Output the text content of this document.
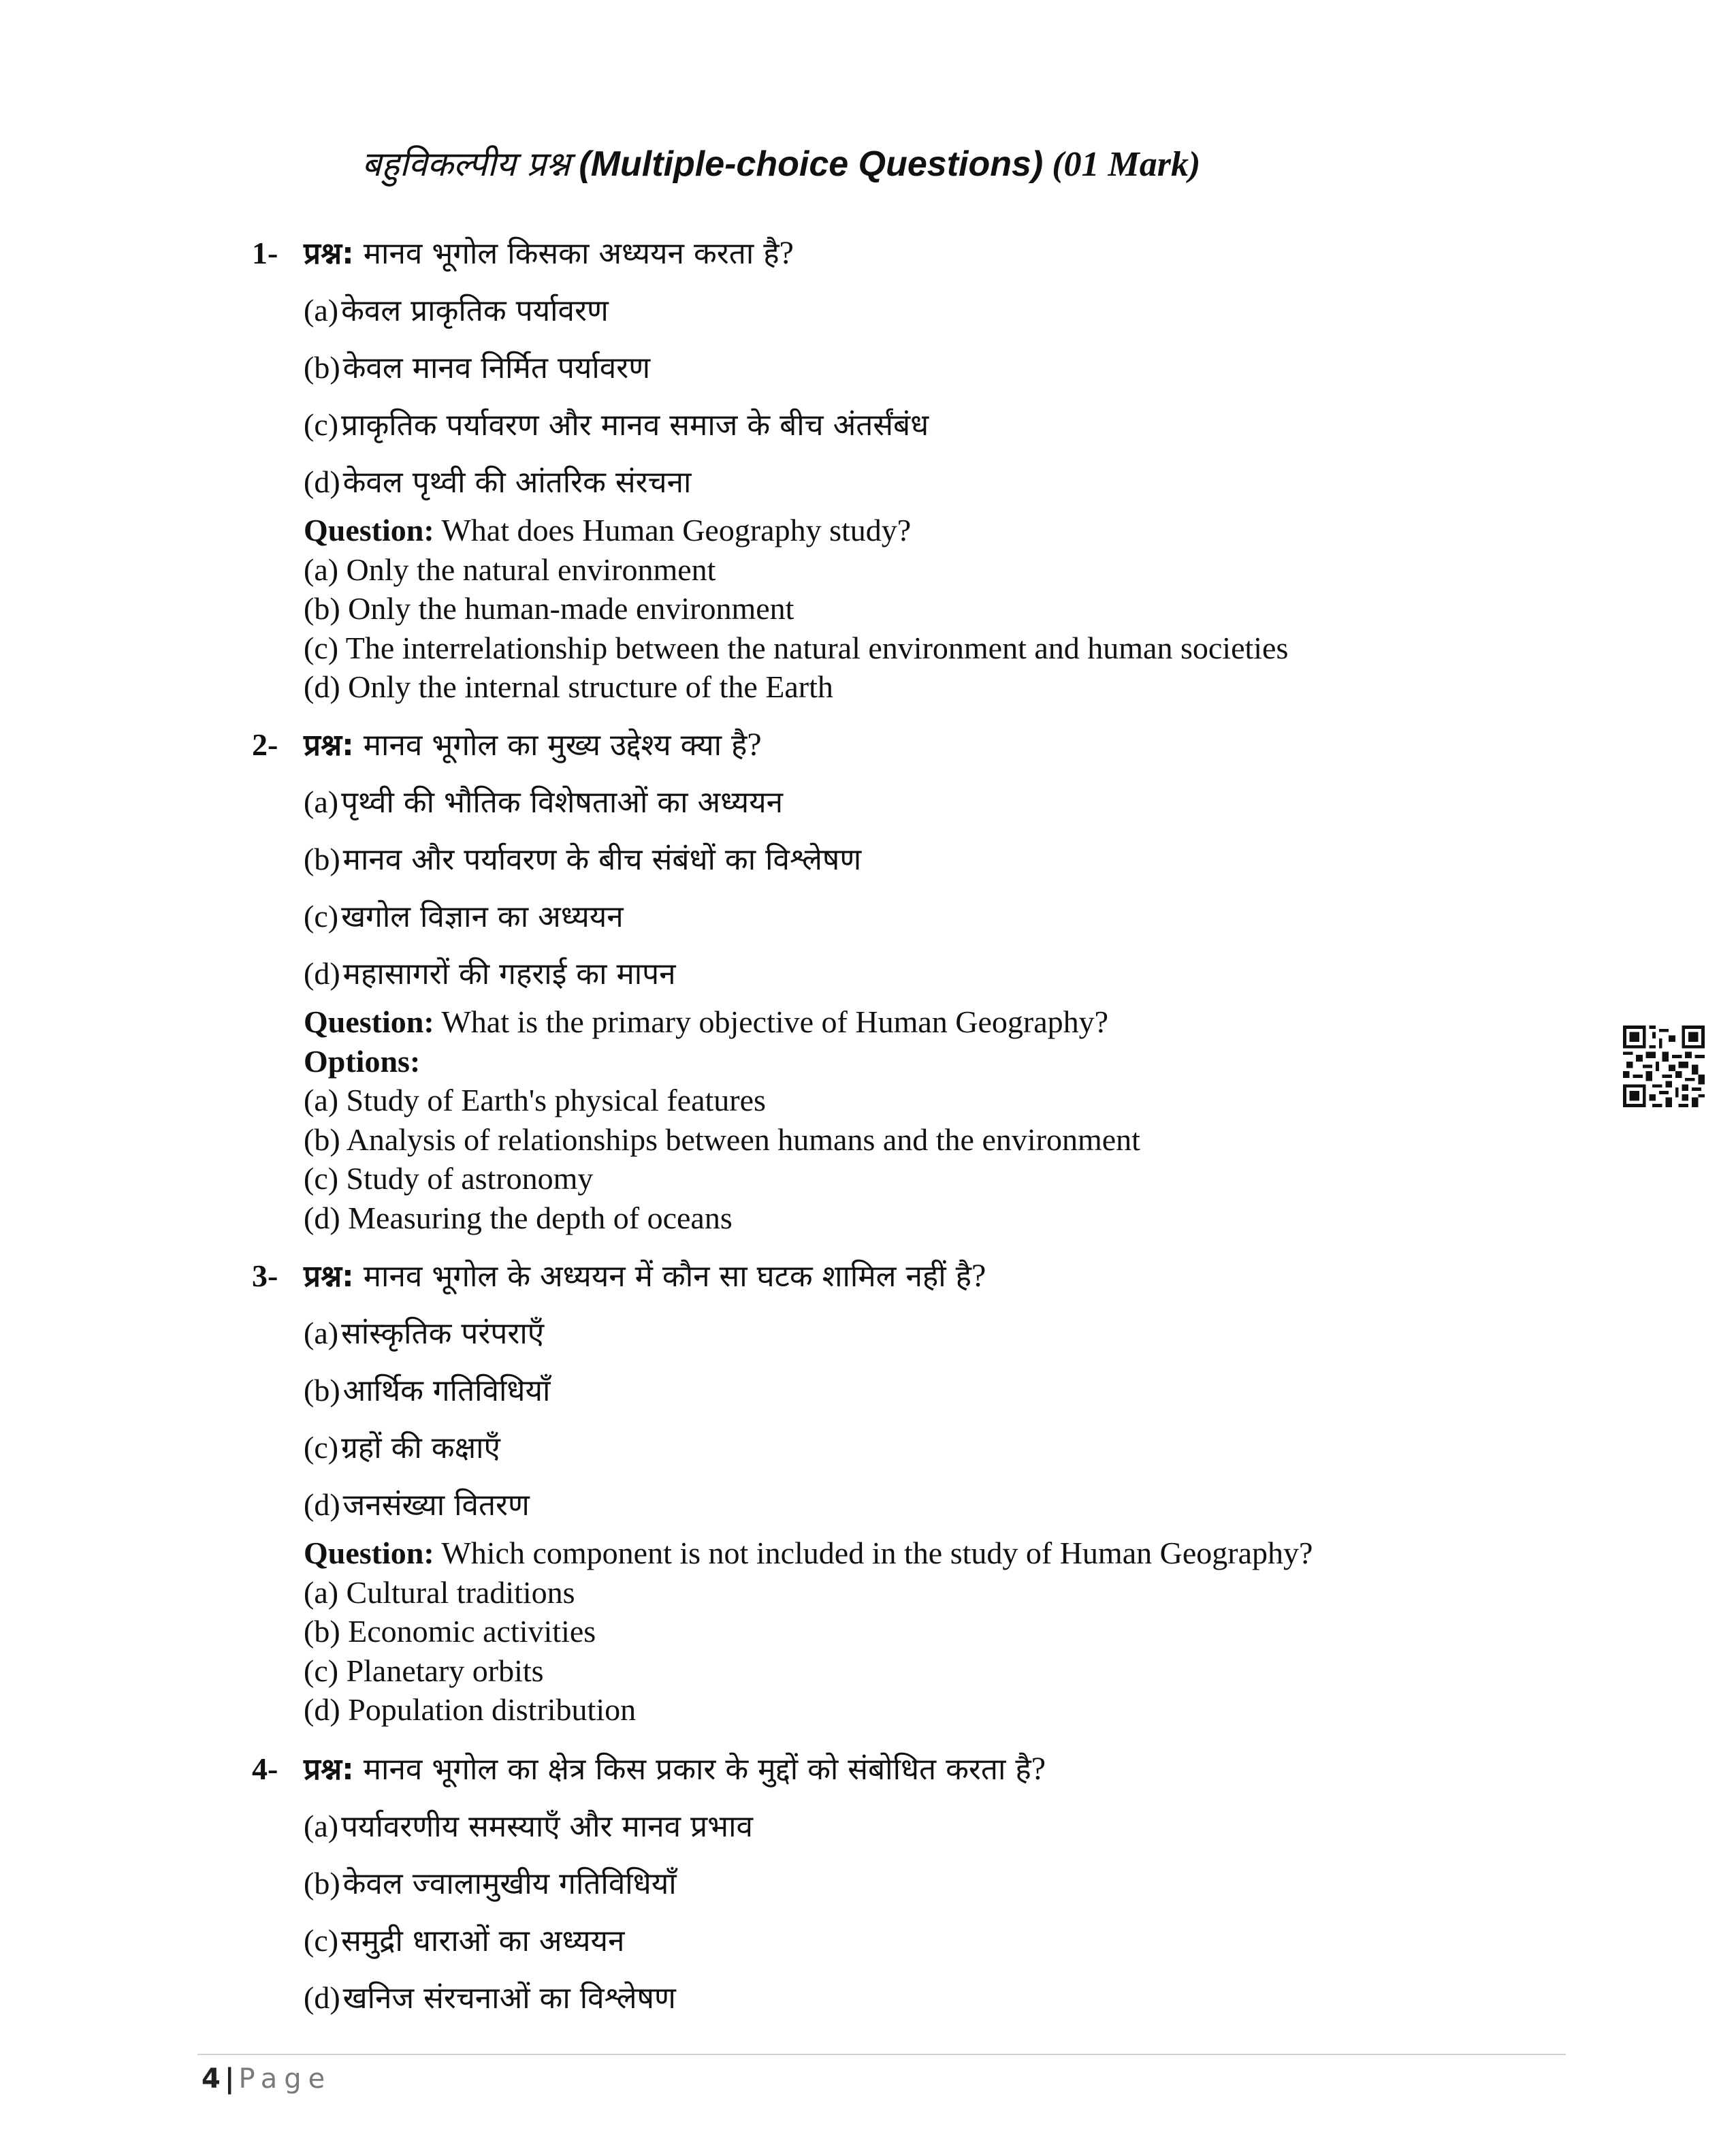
बहुविकल्पीय प्रश्न (Multiple-choice Questions) (01 Mark)
1- प्रश्न: मानव भूगोल किसका अध्ययन करता है?
(a) केवल प्राकृतिक पर्यावरण
(b) केवल मानव निर्मित पर्यावरण
(c) प्राकृतिक पर्यावरण और मानव समाज के बीच अंतर्संबंध
(d) केवल पृथ्वी की आंतरिक संरचना
Question: What does Human Geography study?
(a) Only the natural environment
(b) Only the human-made environment
(c) The interrelationship between the natural environment and human societies
(d) Only the internal structure of the Earth
2- प्रश्न: मानव भूगोल का मुख्य उद्देश्य क्या है?
(a) पृथ्वी की भौतिक विशेषताओं का अध्ययन
(b) मानव और पर्यावरण के बीच संबंधों का विश्लेषण
(c) खगोल विज्ञान का अध्ययन
(d) महासागरों की गहराई का मापन
Question: What is the primary objective of Human Geography?
Options:
(a) Study of Earth's physical features
(b) Analysis of relationships between humans and the environment
(c) Study of astronomy
(d) Measuring the depth of oceans
3- प्रश्न: मानव भूगोल के अध्ययन में कौन सा घटक शामिल नहीं है?
(a) सांस्कृतिक परंपराएँ
(b) आर्थिक गतिविधियाँ
(c) ग्रहों की कक्षाएँ
(d) जनसंख्या वितरण
Question: Which component is not included in the study of Human Geography?
(a) Cultural traditions
(b) Economic activities
(c) Planetary orbits
(d) Population distribution
4- प्रश्न: मानव भूगोल का क्षेत्र किस प्रकार के मुद्दों को संबोधित करता है?
(a) पर्यावरणीय समस्याएँ और मानव प्रभाव
(b) केवल ज्वालामुखीय गतिविधियाँ
(c) समुद्री धाराओं का अध्ययन
(d) खनिज संरचनाओं का विश्लेषण
4 | Page
